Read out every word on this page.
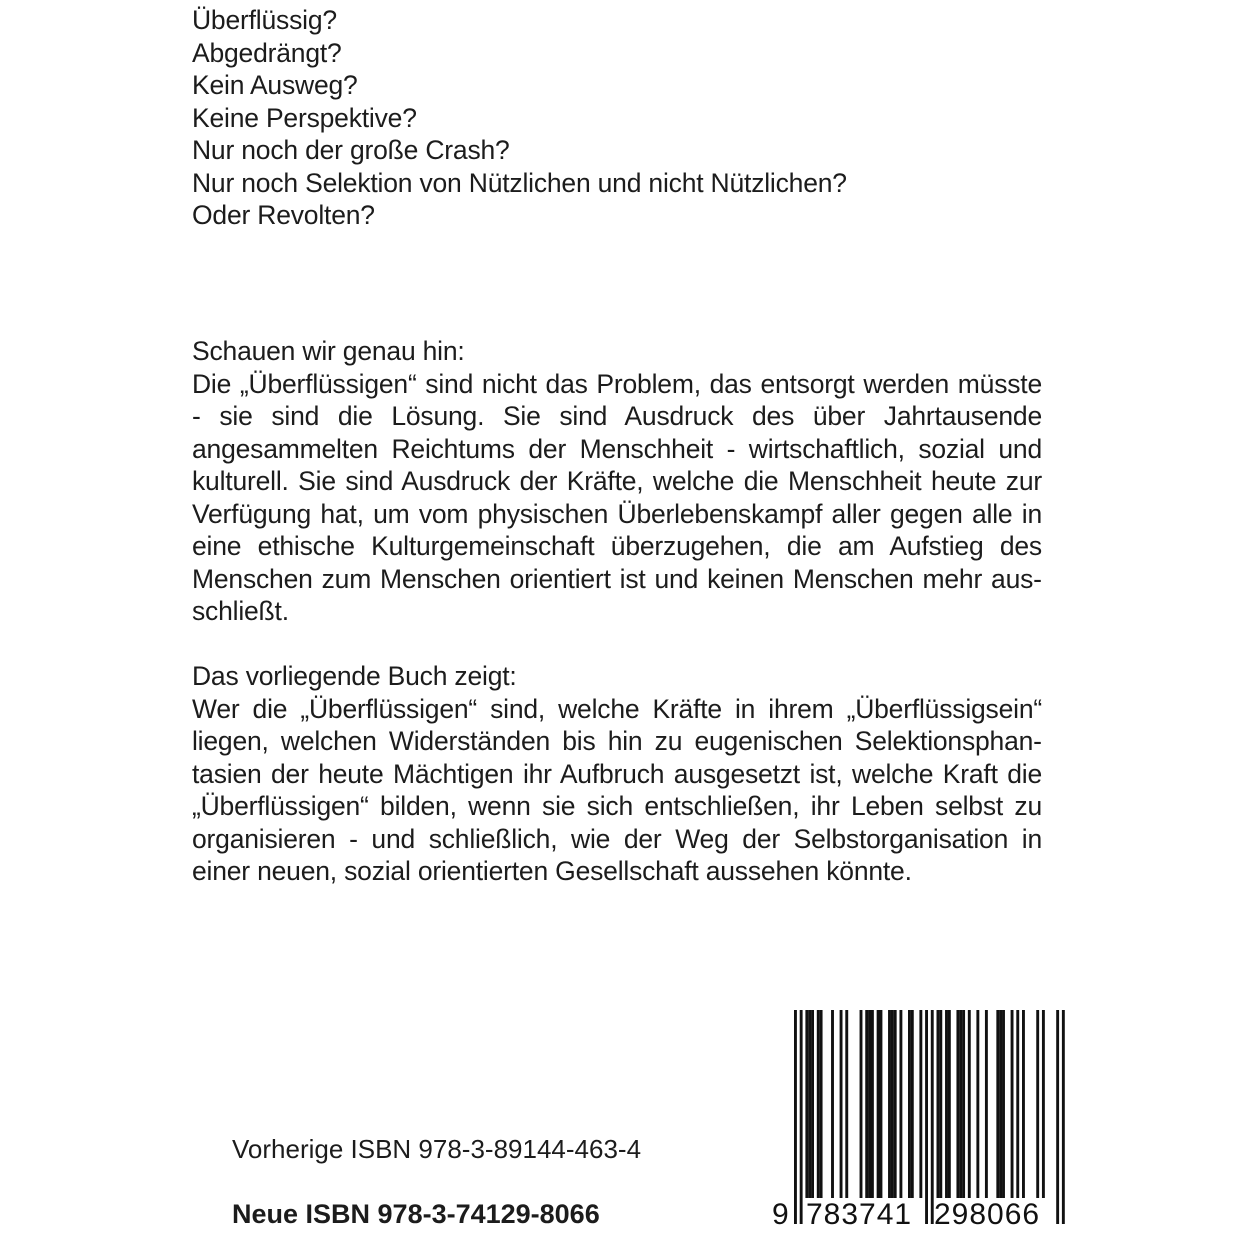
Überflüssig?
Abgedrängt?
Kein Ausweg?
Keine Perspektive?
Nur noch der große Crash?
Nur noch Selektion von Nützlichen und nicht Nützlichen?
Oder Revolten?

Schauen wir genau hin:

Die „Überflüssigen“ sind nicht das Problem, das entsorgt werden müsste - sie sind die Lösung. Sie sind Ausdruck des über Jahrtausende angesammelten Reichtums der Menschheit - wirtschaftlich, sozial und kulturell. Sie sind Ausdruck der Kräfte, welche die Menschheit heute zur Verfügung hat, um vom physischen Überlebenskampf aller gegen alle in eine ethische Kulturgemeinschaft überzugehen, die am Aufstieg des Menschen zum Menschen orientiert ist und keinen Menschen mehr ausschließt.

Das vorliegende Buch zeigt:

Wer die „Überflüssigen“ sind, welche Kräfte in ihrem „Überflüssigsein“ liegen, welchen Widerständen bis hin zu eugenischen Selektionsphantasien der heute Mächtigen ihr Aufbruch ausgesetzt ist, welche Kraft die „Überflüssigen“ bilden, wenn sie sich entschließen, ihr Leben selbst zu organisieren - und schließlich, wie der Weg der Selbstorganisation in einer neuen, sozial orientierten Gesellschaft aussehen könnte.

Vorherige ISBN 978-3-89144-463-4
Neue ISBN 978-3-74129-8066	9 783741 298066
